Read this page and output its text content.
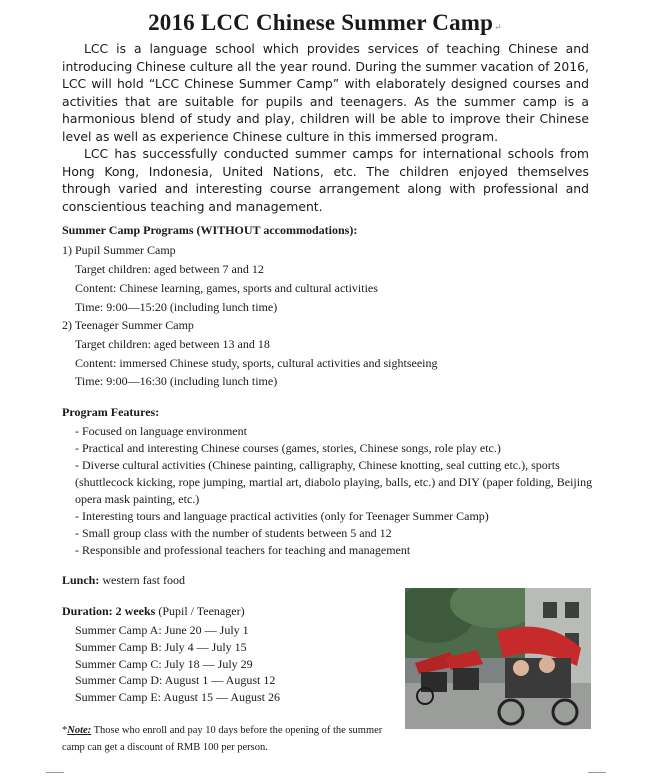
2016 LCC Chinese Summer Camp↵

LCC is a language school which provides services of teaching Chinese and introducing Chinese culture all the year round. During the summer vacation of 2016, LCC will hold “LCC Chinese Summer Camp” with elaborately designed courses and activities that are suitable for pupils and teenagers. As the summer camp is a harmonious blend of study and play, children will be able to improve their Chinese level as well as experience Chinese culture in this immersed program.

LCC has successfully conducted summer camps for international schools from Hong Kong, Indonesia, United Nations, etc. The children enjoyed themselves through varied and interesting course arrangement along with professional and conscientious teaching and management.

Summer Camp Programs (WITHOUT accommodations):
1) Pupil Summer Camp
Target children: aged between 7 and 12
Content: Chinese learning, games, sports and cultural activities
Time: 9:00—15:20 (including lunch time)
2) Teenager Summer Camp
Target children: aged between 13 and 18
Content: immersed Chinese study, sports, cultural activities and sightseeing
Time: 9:00—16:30 (including lunch time)
Program Features:
- Focused on language environment
- Practical and interesting Chinese courses (games, stories, Chinese songs, role play etc.)
- Diverse cultural activities (Chinese painting, calligraphy, Chinese knotting, seal cutting etc.), sports (shuttlecock kicking, rope jumping, martial art, diabolo playing, balls, etc.) and DIY (paper folding, Beijing opera mask painting, etc.)
- Interesting tours and language practical activities (only for Teenager Summer Camp)
- Small group class with the number of students between 5 and 12
- Responsible and professional teachers for teaching and management
Lunch: western fast food
Duration: 2 weeks (Pupil / Teenager)
Summer Camp A: June 20 — July 1
Summer Camp B: July 4 — July 15
Summer Camp C: July 18 — July 29
Summer Camp D: August 1 — August 12
Summer Camp E: August 15 — August 26
*Note: Those who enroll and pay 10 days before the opening of the summer camp can get a discount of RMB 100 per person.
